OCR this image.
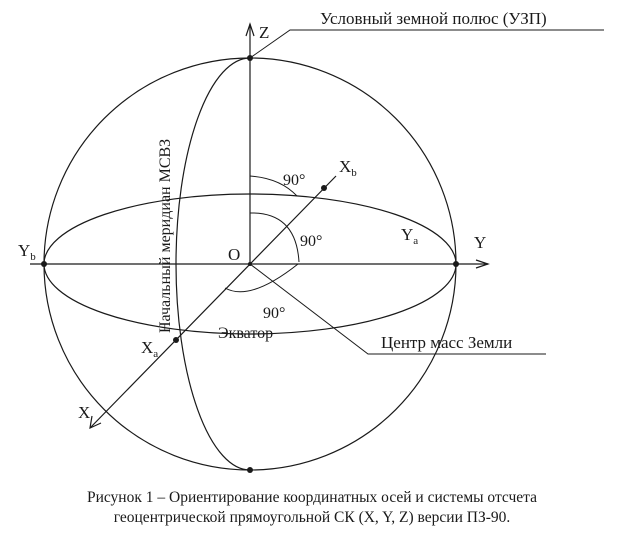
Z
Y
X
O
$Y_a$
$Y_b$
$X_a$
$X_b$
90°
90°
90°
Начальный меридиан МСВЗ
Экватор
Условный земной полюс (УЗП)
Центр масс Земли
Рисунок 1 – Ориентирование координатных осей и системы отсчета
геоцентрической прямоугольной СК (X, Y, Z) версии ПЗ-90.
